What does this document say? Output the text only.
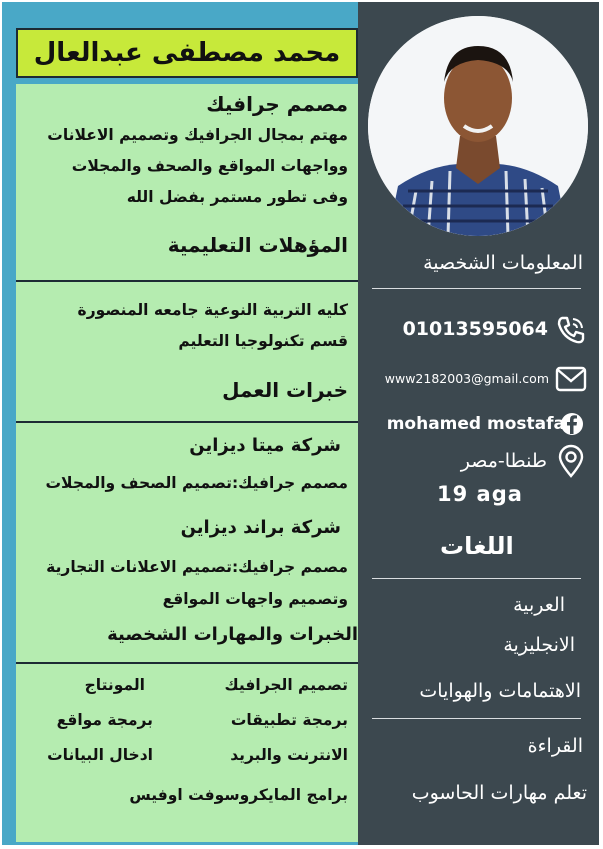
محمد مصطفى عبدالعال
مصمم جرافيك
مهتم بمجال الجرافيك وتصميم الاعلانات
وواجهات المواقع والصحف والمجلات
وفى تطور مستمر بفضل الله
المؤهلات التعليمية
كليه التربية النوعية جامعه المنصورة
قسم تكنولوجيا التعليم
خبرات العمل
شركة ميتا ديزاين
مصمم جرافيك:تصميم الصحف والمجلات
شركة براند ديزاين
مصمم جرافيك:تصميم الاعلانات التجارية
وتصميم واجهات المواقع
الخبرات والمهارات الشخصية
تصميم الجرافيك
المونتاج
برمجة تطبيقات
برمجة مواقع
الانترنت والبريد
ادخال البيانات
برامج المايكروسوفت اوفيس
المعلومات الشخصية
01013595064
www2182003@gmail.com
mohamed mostafa
طنطا-مصر
19 aga
اللغات
العربية
الانجليزية
الاهتمامات والهوايات
القراءة
تعلم مهارات الحاسوب
